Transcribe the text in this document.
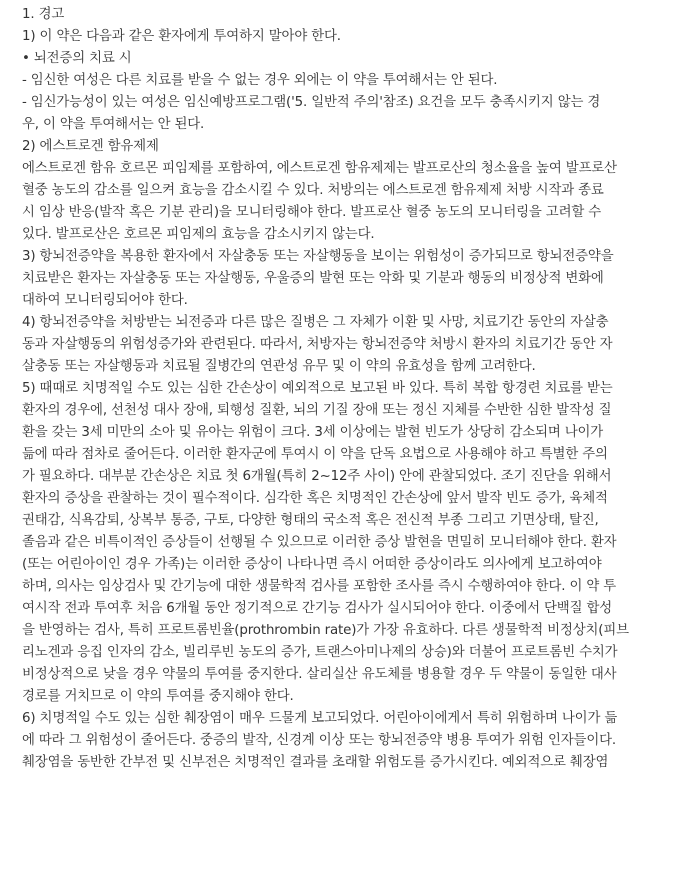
1. 경고
1) 이 약은 다음과 같은 환자에게 투여하지 말아야 한다.
• 뇌전증의 치료 시
- 임신한 여성은 다른 치료를 받을 수 없는 경우 외에는 이 약을 투여해서는 안 된다.
- 임신가능성이 있는 여성은 임신예방프로그램('5. 일반적 주의'참조) 요건을 모두 충족시키지 않는 경
우, 이 약을 투여해서는 안 된다.
2) 에스트로겐 함유제제
에스트로겐 함유 호르몬 피임제를 포함하여, 에스트로겐 함유제제는 발프로산의 청소율을 높여 발프로산
혈중 농도의 감소를 일으켜 효능을 감소시킬 수 있다. 처방의는 에스트로겐 함유제제 처방 시작과 종료
시 임상 반응(발작 혹은 기분 관리)을 모니터링해야 한다. 발프로산 혈중 농도의 모니터링을 고려할 수
있다. 발프로산은 호르몬 피임제의 효능을 감소시키지 않는다.
3) 항뇌전증약을 복용한 환자에서 자살충동 또는 자살행동을 보이는 위험성이 증가되므로 항뇌전증약을
치료받은 환자는 자살충동 또는 자살행동, 우울증의 발현 또는 악화 및 기분과 행동의 비정상적 변화에
대하여 모니터링되어야 한다.
4) 항뇌전증약을 처방받는 뇌전증과 다른 많은 질병은 그 자체가 이환 및 사망, 치료기간 동안의 자살충
동과 자살행동의 위험성증가와 관련된다. 따라서, 처방자는 항뇌전증약 처방시 환자의 치료기간 동안 자
살충동 또는 자살행동과 치료될 질병간의 연관성 유무 및 이 약의 유효성을 함께 고려한다.
5) 때때로 치명적일 수도 있는 심한 간손상이 예외적으로 보고된 바 있다. 특히 복합 항경련 치료를 받는
환자의 경우에, 선천성 대사 장애, 퇴행성 질환, 뇌의 기질 장애 또는 정신 지체를 수반한 심한 발작성 질
환을 갖는 3세 미만의 소아 및 유아는 위험이 크다. 3세 이상에는 발현 빈도가 상당히 감소되며 나이가
듦에 따라 점차로 줄어든다. 이러한 환자군에 투여시 이 약을 단독 요법으로 사용해야 하고 특별한 주의
가 필요하다. 대부분 간손상은 치료 첫 6개월(특히 2~12주 사이) 안에 관찰되었다. 조기 진단을 위해서
환자의 증상을 관찰하는 것이 필수적이다. 심각한 혹은 치명적인 간손상에 앞서 발작 빈도 증가, 육체적
권태감, 식욕감퇴, 상복부 통증, 구토, 다양한 형태의 국소적 혹은 전신적 부종 그리고 기면상태, 탈진,
졸음과 같은 비특이적인 증상들이 선행될 수 있으므로 이러한 증상 발현을 면밀히 모니터해야 한다. 환자
(또는 어린아이인 경우 가족)는 이러한 증상이 나타나면 즉시 어떠한 증상이라도 의사에게 보고하여야
하며, 의사는 임상검사 및 간기능에 대한 생물학적 검사를 포함한 조사를 즉시 수행하여야 한다. 이 약 투
여시작 전과 투여후 처음 6개월 동안 정기적으로 간기능 검사가 실시되어야 한다. 이중에서 단백질 합성
을 반영하는 검사, 특히 프로트롬빈율(prothrombin rate)가 가장 유효하다. 다른 생물학적 비정상치(피브
리노겐과 응집 인자의 감소, 빌리루빈 농도의 증가, 트랜스아미나제의 상승)와 더불어 프로트롬빈 수치가
비정상적으로 낮을 경우 약물의 투여를 중지한다. 살리실산 유도체를 병용할 경우 두 약물이 동일한 대사
경로를 거치므로 이 약의 투여를 중지해야 한다.
6) 치명적일 수도 있는 심한 췌장염이 매우 드물게 보고되었다. 어린아이에게서 특히 위험하며 나이가 듦
에 따라 그 위험성이 줄어든다. 중증의 발작, 신경계 이상 또는 항뇌전증약 병용 투여가 위험 인자들이다.
췌장염을 동반한 간부전 및 신부전은 치명적인 결과를 초래할 위험도를 증가시킨다. 예외적으로 췌장염
